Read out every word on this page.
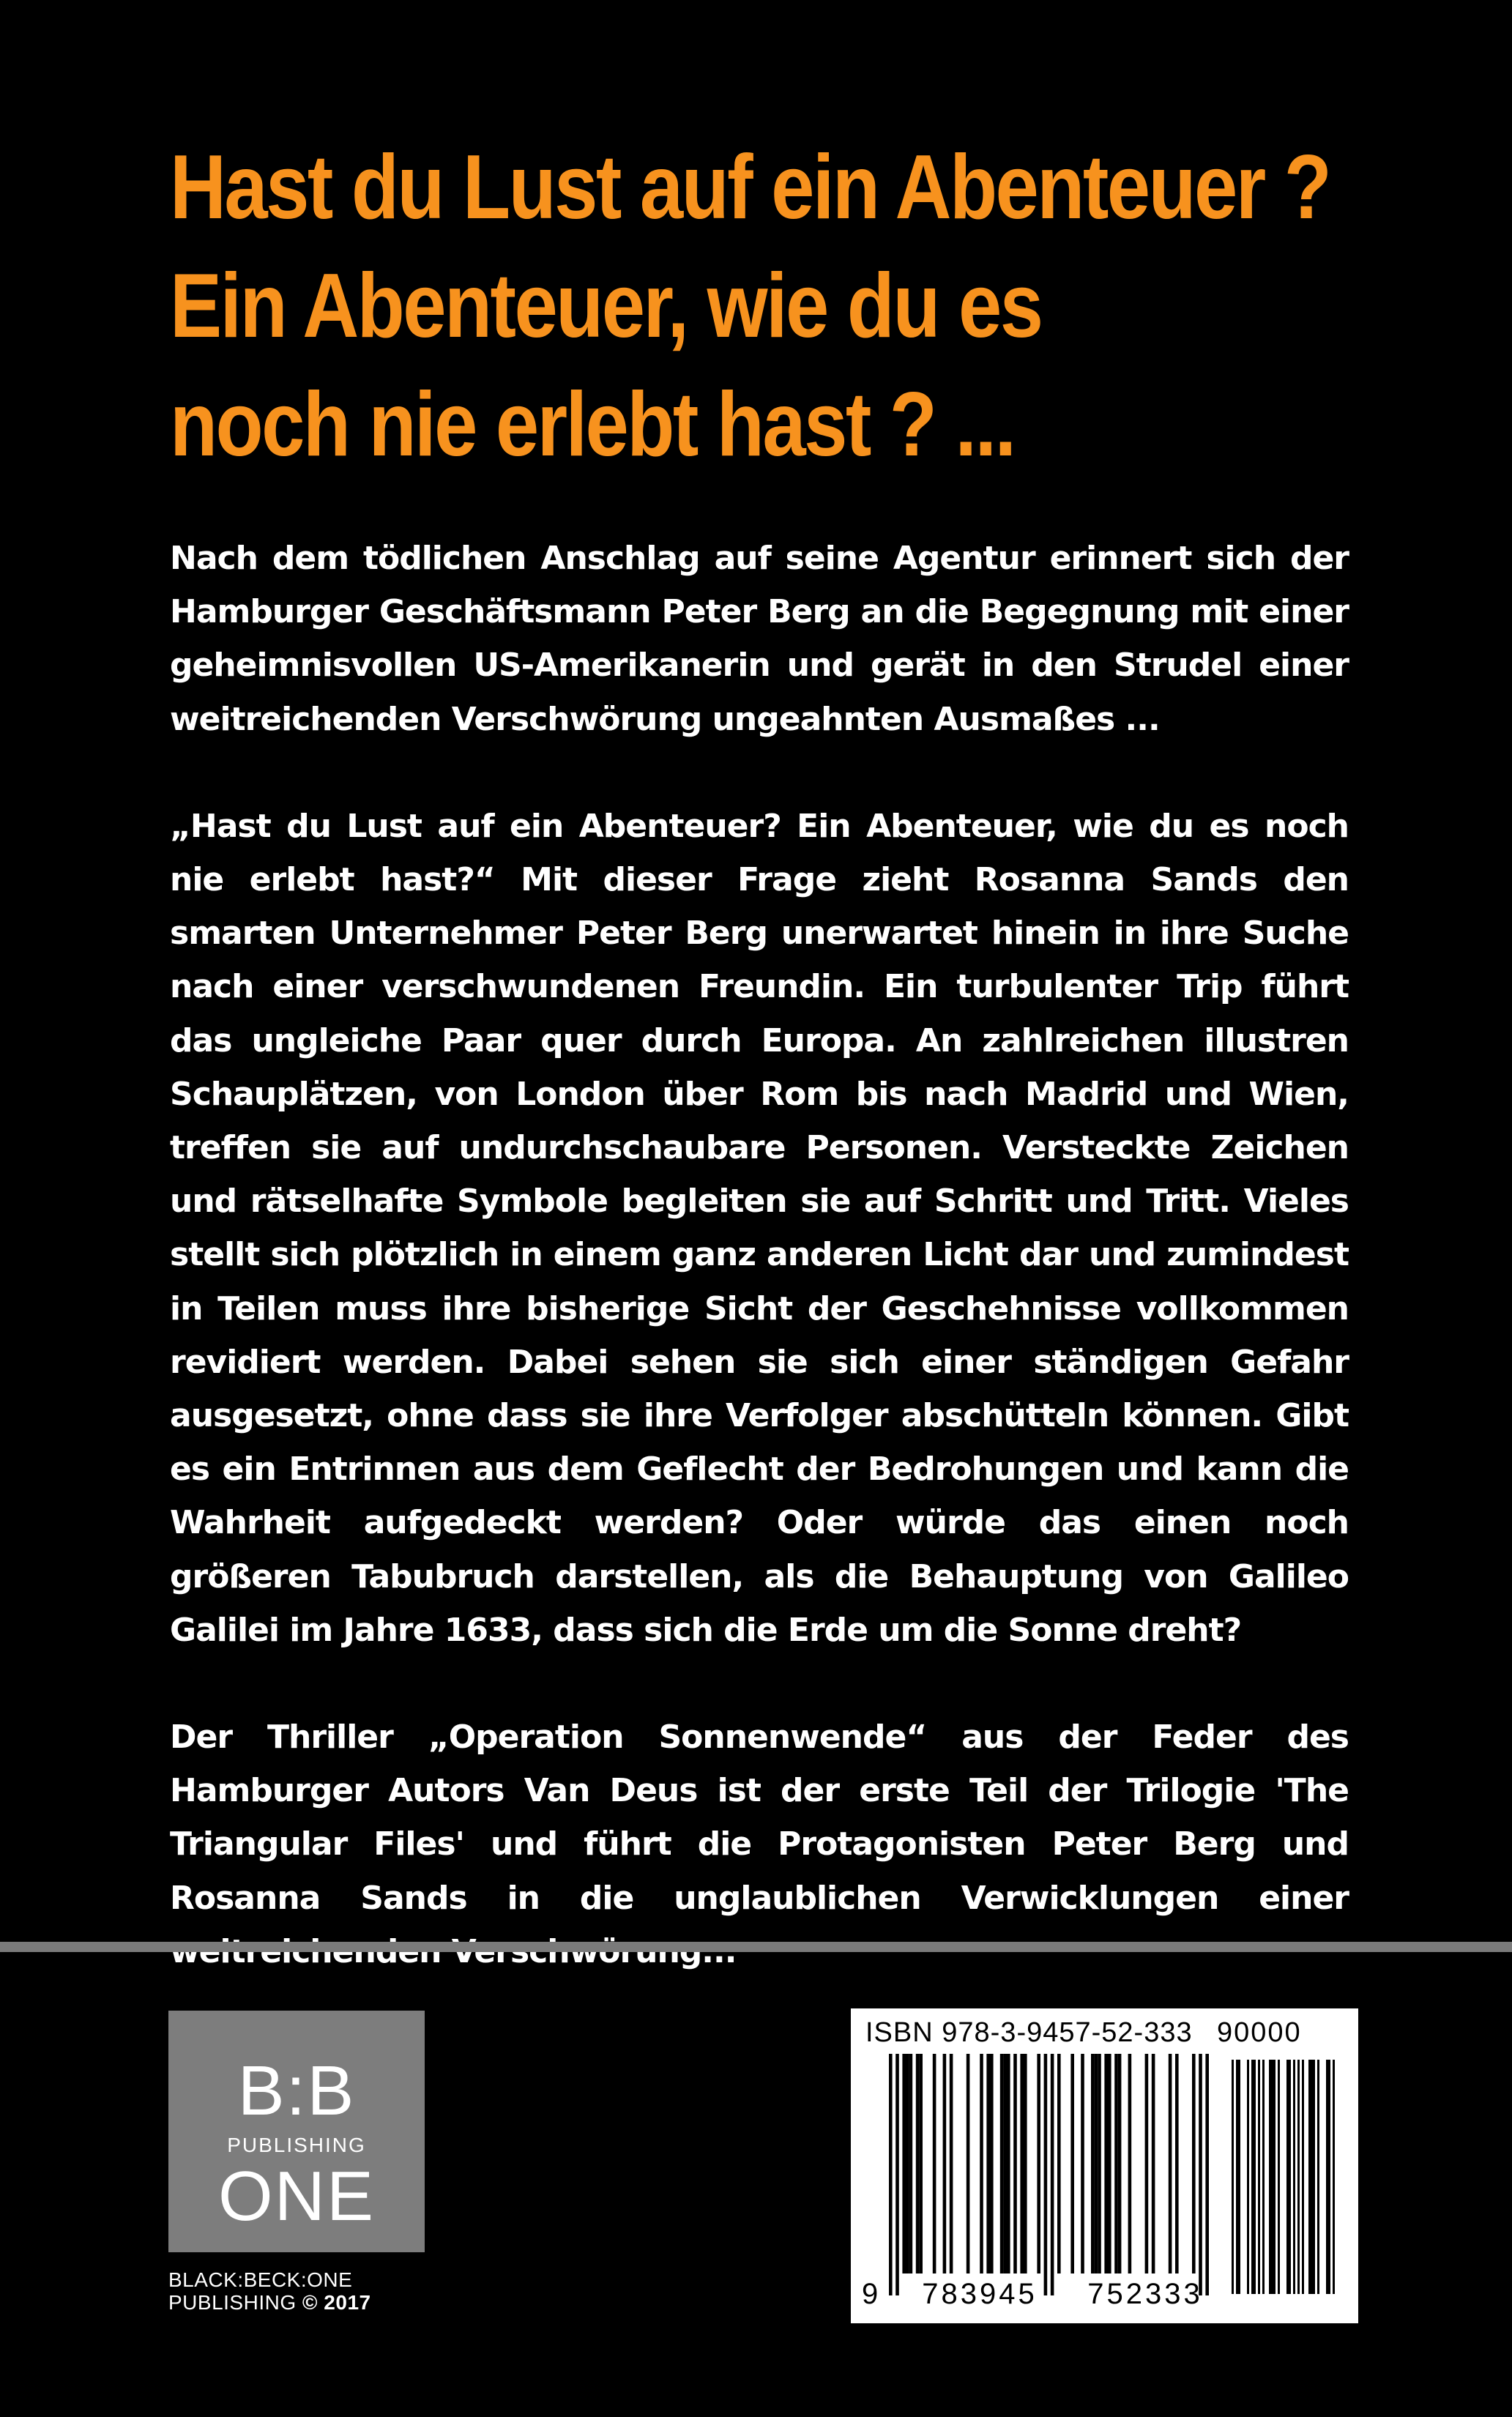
Hast du Lust auf ein Abenteuer ?
Ein Abenteuer, wie du es
noch nie erlebt hast ? ...

Nach dem tödlichen Anschlag auf seine Agentur erinnert sich der Hamburger Geschäftsmann Peter Berg an die Begegnung mit einer geheimnisvollen US-Amerikanerin und gerät in den Strudel einer weitreichenden Verschwörung ungeahnten Ausmaßes ...

„Hast du Lust auf ein Abenteuer? Ein Abenteuer, wie du es noch nie erlebt hast?“ Mit dieser Frage zieht Rosanna Sands den smarten Unternehmer Peter Berg unerwartet hinein in ihre Suche nach einer verschwundenen Freundin. Ein turbulenter Trip führt das ungleiche Paar quer durch Europa. An zahlreichen illustren Schauplätzen, von London über Rom bis nach Madrid und Wien, treffen sie auf undurchschaubare Personen. Versteckte Zeichen und rätselhafte Symbole begleiten sie auf Schritt und Tritt. Vieles stellt sich plötzlich in einem ganz anderen Licht dar und zumindest in Teilen muss ihre bisherige Sicht der Geschehnisse vollkommen revidiert werden. Dabei sehen sie sich einer ständigen Gefahr ausgesetzt, ohne dass sie ihre Verfolger abschütteln können. Gibt es ein Entrinnen aus dem Geflecht der Bedrohungen und kann die Wahrheit aufgedeckt werden? Oder würde das einen noch größeren Tabubruch darstellen, als die Behauptung von Galileo Galilei im Jahre 1633, dass sich die Erde um die Sonne dreht?

Der Thriller „Operation Sonnenwende“ aus der Feder des Hamburger Autors Van Deus ist der erste Teil der Trilogie 'The Triangular Files' und führt die Protagonisten Peter Berg und Rosanna Sands in die unglaublichen Verwicklungen einer

B:B
PUBLISHING
ONE
BLACK:BECK:ONE
PUBLISHING © 2017
ISBN 978-3-9457-52-333 90000
9	783945	752333
